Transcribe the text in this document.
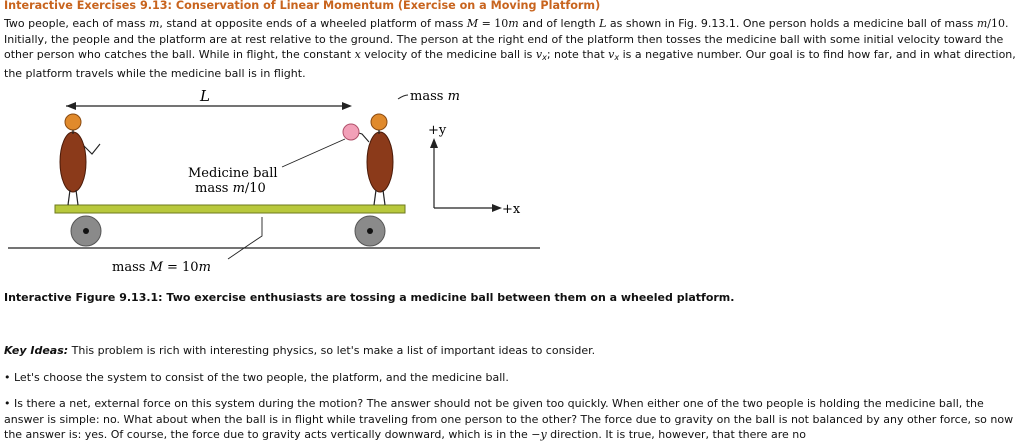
Interactive Exercises 9.13: Conservation of Linear Momentum (Exercise on a Moving Platform)

Two people, each of mass m, stand at opposite ends of a wheeled platform of mass M = 10m and of length L as shown in Fig. 9.13.1. One person holds a medicine ball of mass m/10. Initially, the people and the platform are at rest relative to the ground. The person at the right end of the platform then tosses the medicine ball with some initial velocity toward the other person who catches the ball. While in flight, the constant x velocity of the medicine ball is $v_x$; note that $v_x$ is a negative number. Our goal is to find how far, and in what direction, the platform travels while the medicine ball is in flight.

L	mass m
Medicine ball
mass m/10
+y
+x
mass M = 10m

Interactive Figure 9.13.1: Two exercise enthusiasts are tossing a medicine ball between them on a wheeled platform.

Key Ideas: This problem is rich with interesting physics, so let's make a list of important ideas to consider.

• Let's choose the system to consist of the two people, the platform, and the medicine ball.

• Is there a net, external force on this system during the motion? The answer should not be given too quickly. When either one of the two people is holding the medicine ball, the answer is simple: no. What about when the ball is in flight while traveling from one person to the other? The force due to gravity on the ball is not balanced by any other force, so now the answer is: yes. Of course, the force due to gravity acts vertically downward, which is in the −y direction. It is true, however, that there are no
